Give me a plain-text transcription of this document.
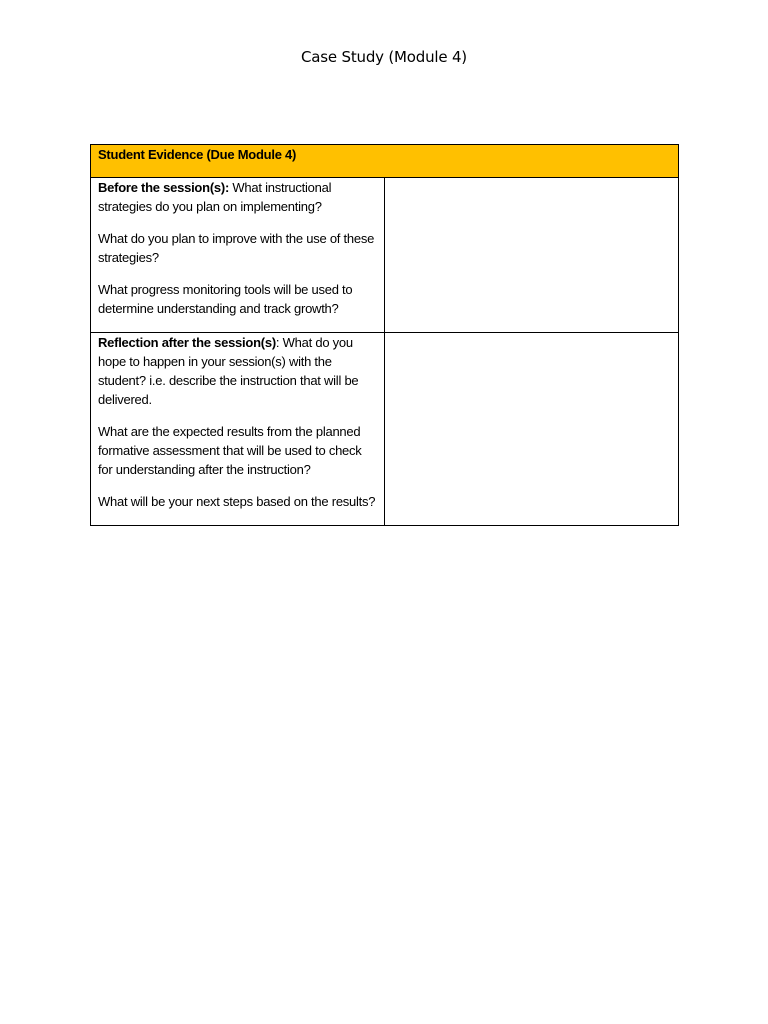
Case Study (Module 4)
Student Evidence (Due Module 4)	

Before the session(s): What instructional strategies do you plan on implementing?

What do you plan to improve with the use of these strategies?

What progress monitoring tools will be used to determine understanding and track growth?	

Reflection after the session(s): What do you hope to happen in your session(s) with the student? i.e. describe the instruction that will be delivered.

What are the expected results from the planned formative assessment that will be used to check for understanding after the instruction?

What will be your next steps based on the results?	
